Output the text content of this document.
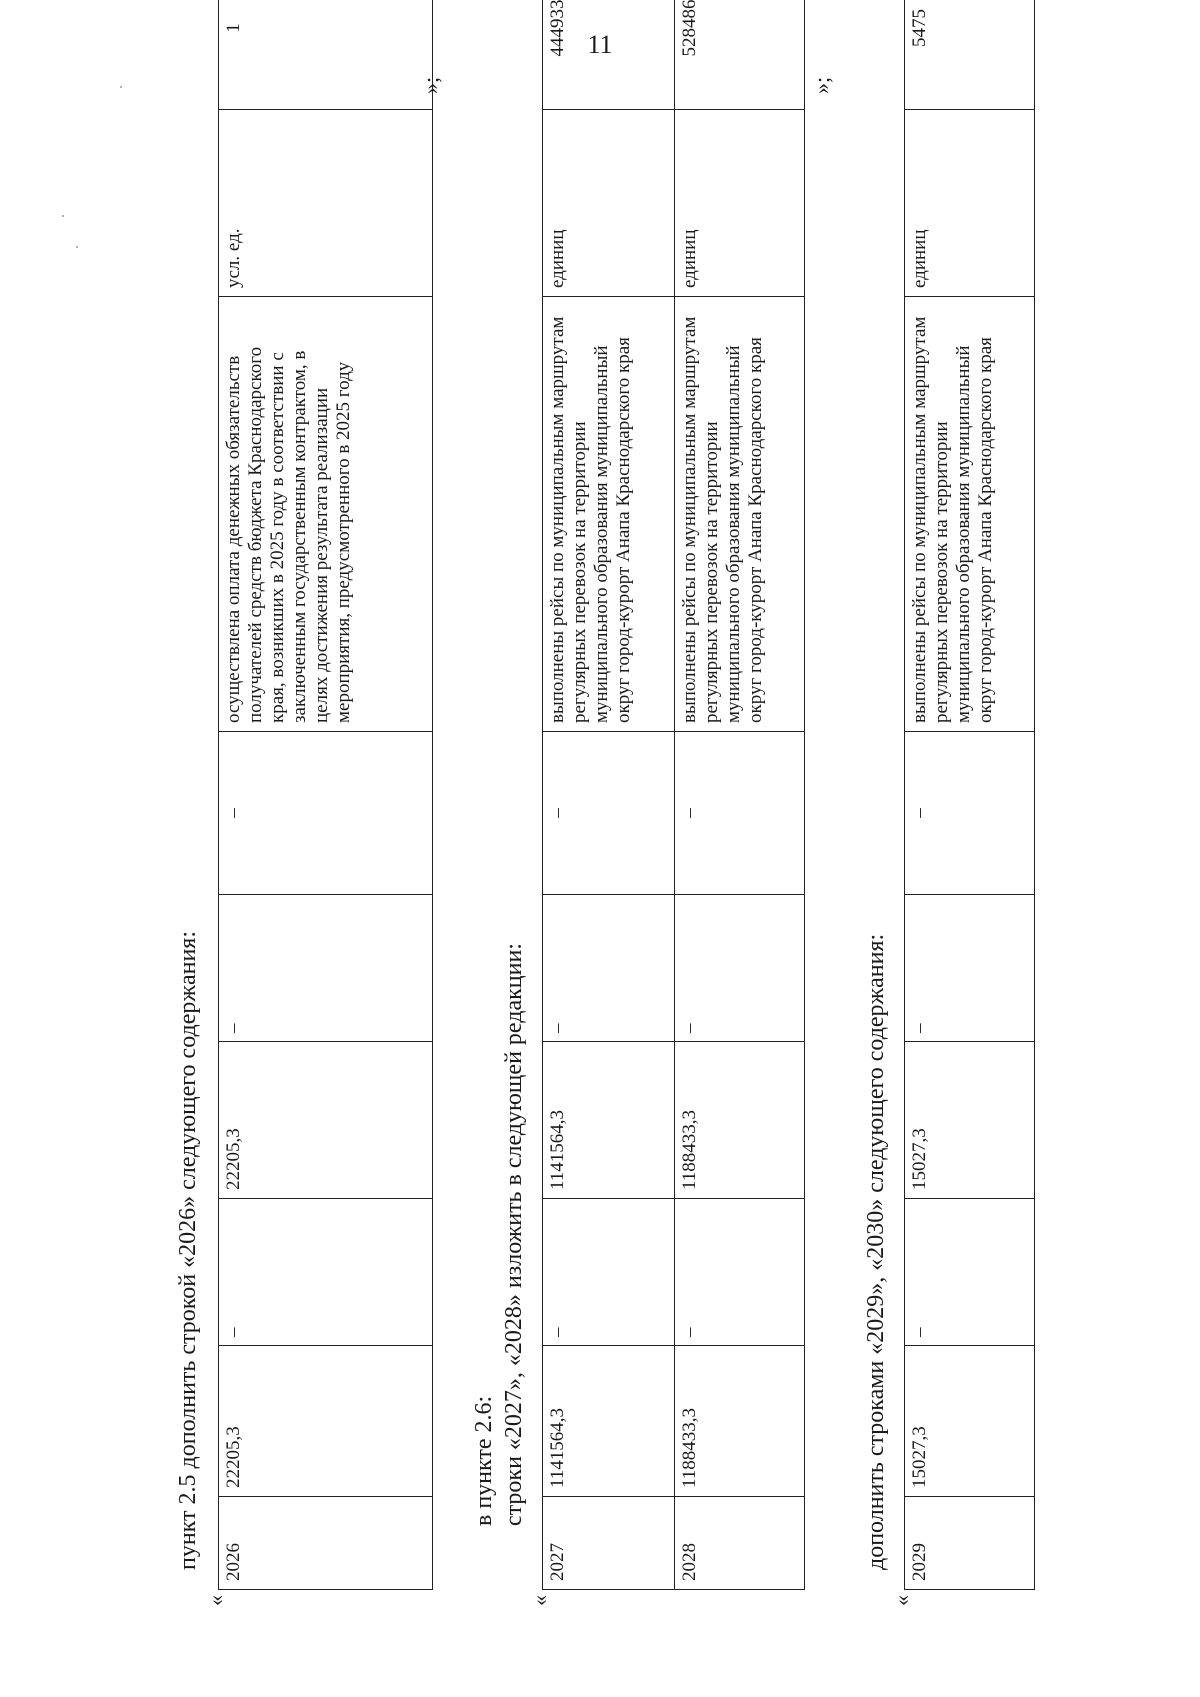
11
пункт 2.5 дополнить строкой «2026» следующего содержания:
«
2026	22205,3	–	22205,3	–	–	осуществлена оплата денежных обязательств получателей средств бюджета Краснодарского края, возникших в 2025 году в соответствии с заключенным государственным контрактом, в целях достижения результата реализации мероприятия, предусмотренного в 2025 году	усл. ед.	1
»;
в пункте 2.6: строки «2027», «2028» изложить в следующей редакции:
«
2027	1141564,3	–	1141564,3	–	–	выполнены рейсы по муниципальным маршрутам регулярных перевозок на территории муниципального образования муниципальный округ город-курорт Анапа Краснодарского края	единиц	444933
2028	1188433,3	–	1188433,3	–	–	выполнены рейсы по муниципальным маршрутам регулярных перевозок на территории муниципального образования муниципальный округ город-курорт Анапа Краснодарского края	единиц	528486
»;
дополнить строками «2029», «2030» следующего содержания:
«
2029	15027,3	–	15027,3	–	–	выполнены рейсы по муниципальным маршрутам регулярных перевозок на территории муниципального образования муниципальный округ город-курорт Анапа Краснодарского края	единиц	5475
